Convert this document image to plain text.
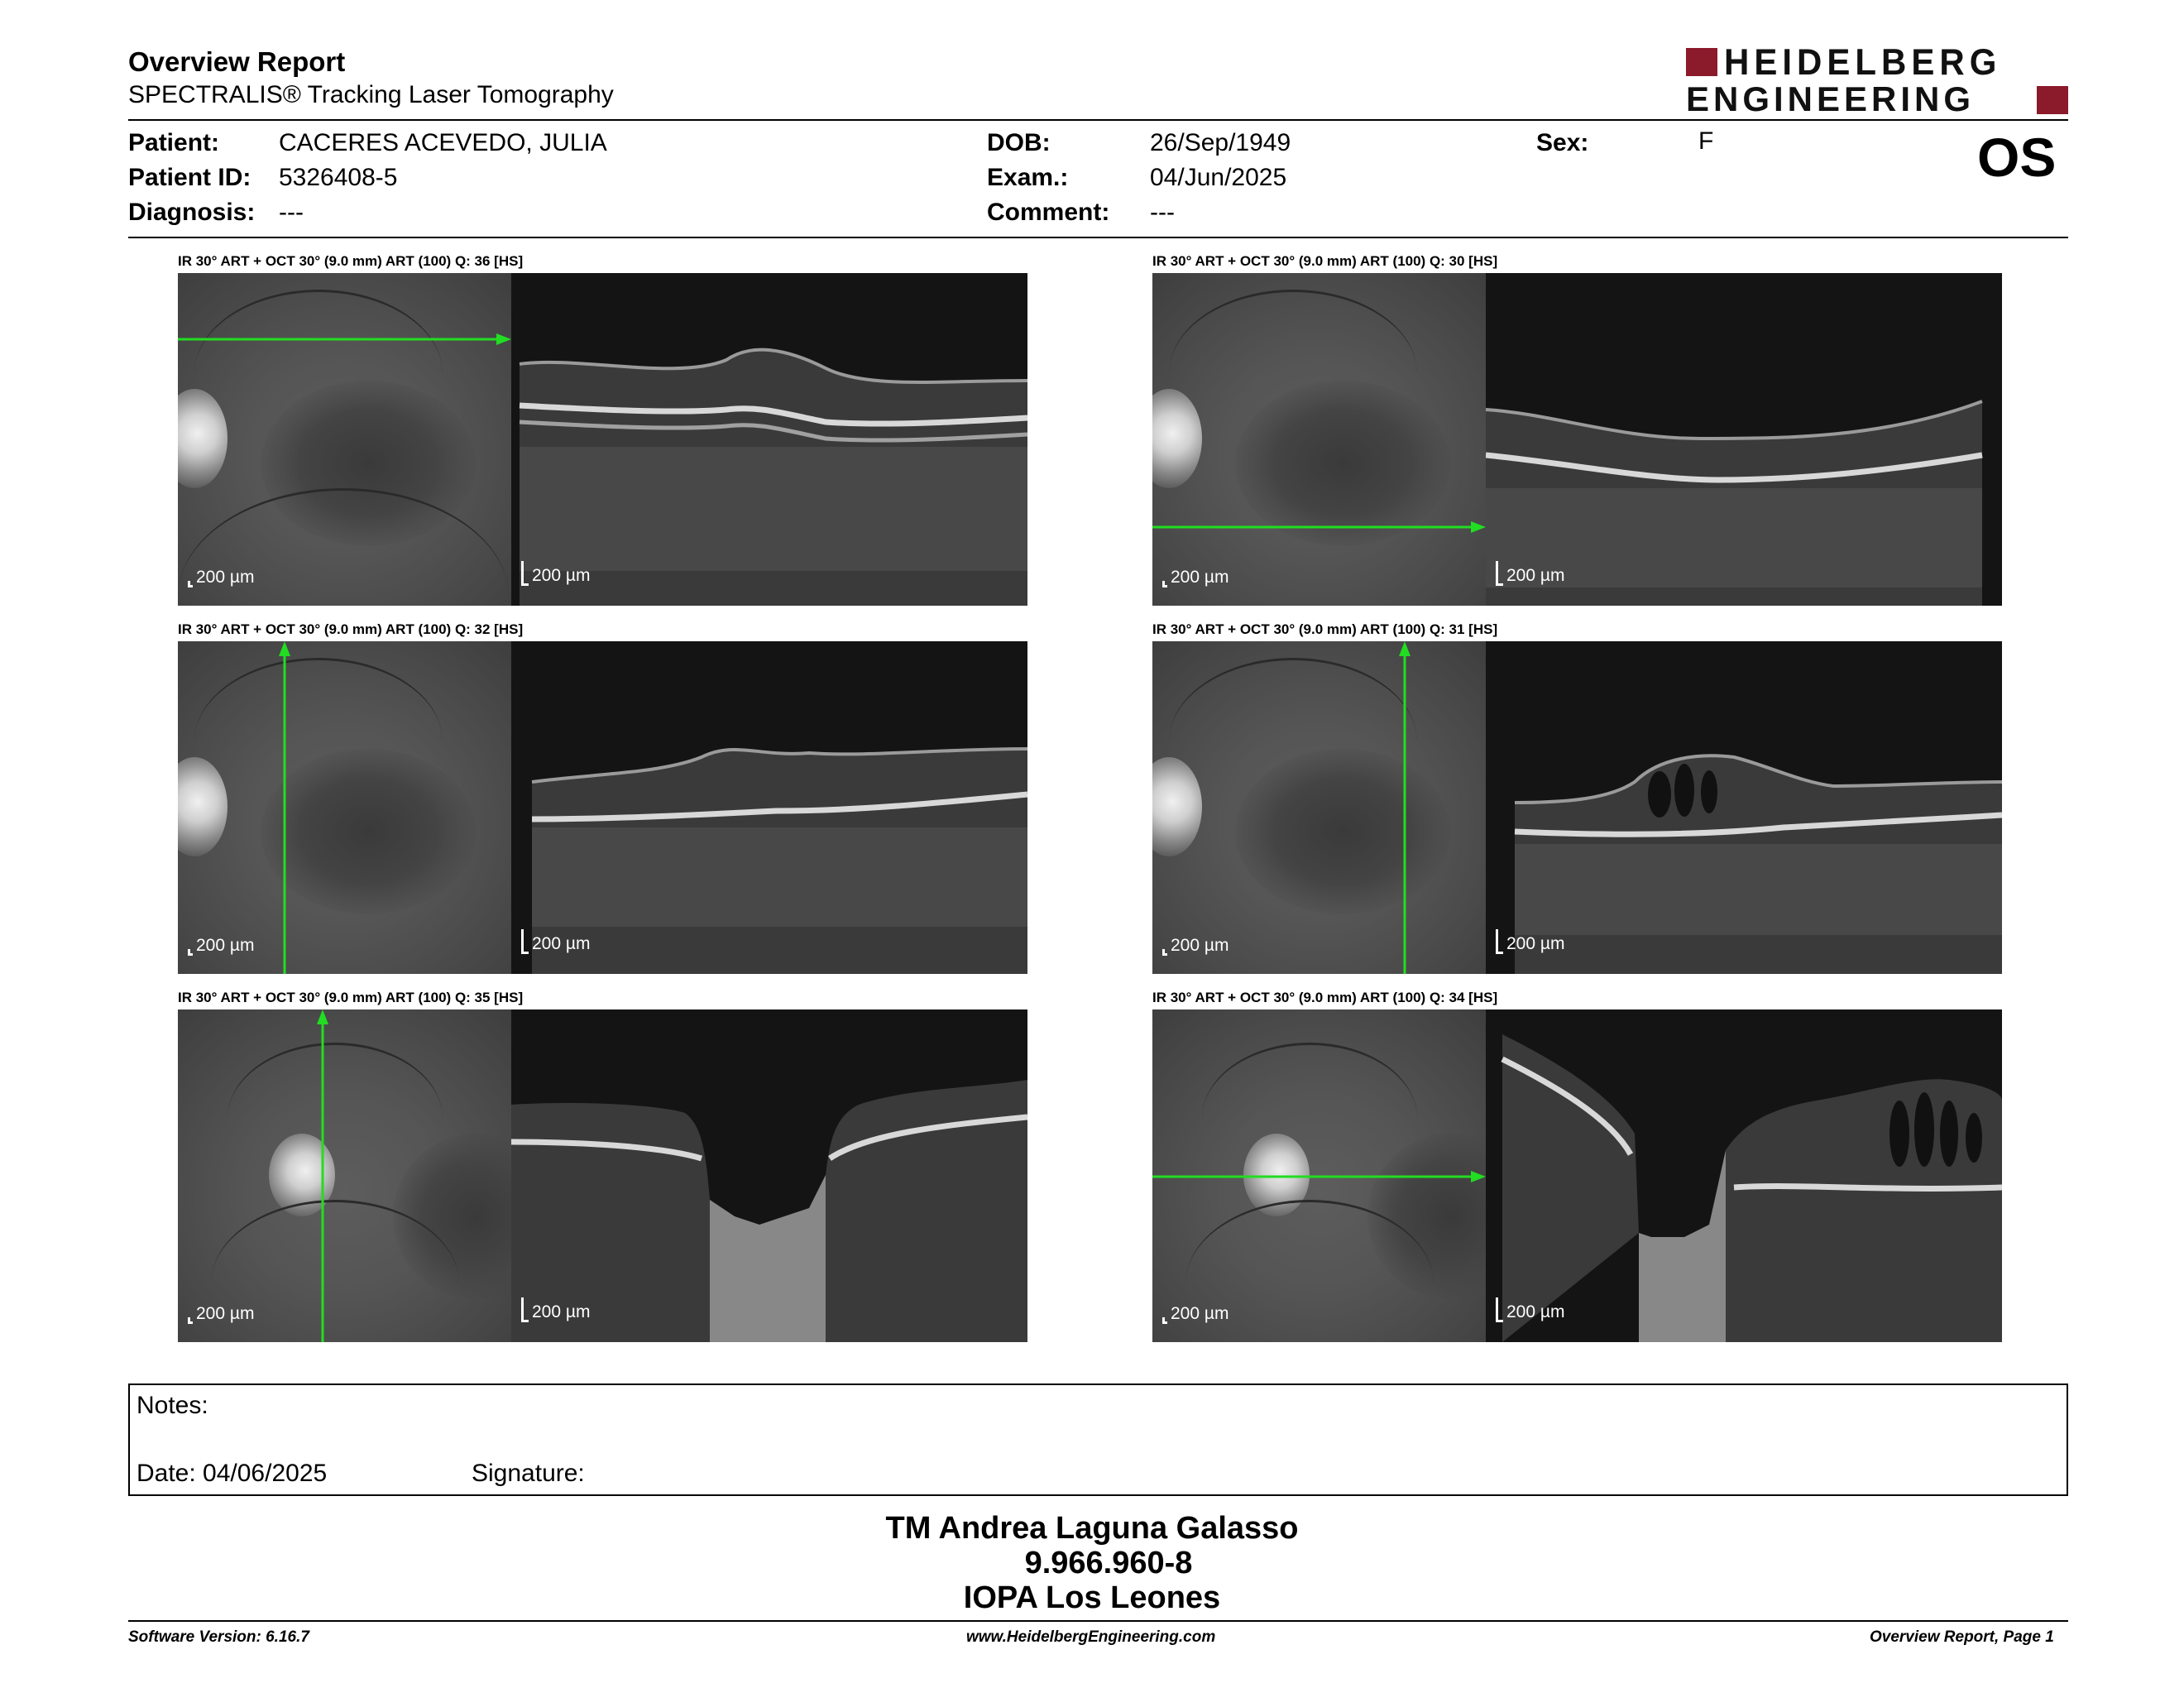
Overview Report
SPECTRALIS® Tracking Laser Tomography
HEIDELBERG
ENGINEERING
Patient: CACERES ACEVEDO, JULIA
Patient ID: 5326408-5
Diagnosis: ---
DOB:	26/Sep/1949
Exam.:	04/Jun/2025
Comment: ---
Sex:	F	OS
IR 30° ART + OCT 30° (9.0 mm) ART (100) Q: 36 [HS]
200 µm	200 µm
IR 30° ART + OCT 30° (9.0 mm) ART (100) Q: 30 [HS]
200 µm	200 µm
IR 30° ART + OCT 30° (9.0 mm) ART (100) Q: 32 [HS]
200 µm	200 µm
IR 30° ART + OCT 30° (9.0 mm) ART (100) Q: 31 [HS]
200 µm	200 µm
IR 30° ART + OCT 30° (9.0 mm) ART (100) Q: 35 [HS]
200 µm	200 µm
IR 30° ART + OCT 30° (9.0 mm) ART (100) Q: 34 [HS]
200 µm	200 µm
Notes:
Date: 04/06/2025	Signature:
TM Andrea Laguna Galasso
9.966.960-8
IOPA Los Leones
Software Version: 6.16.7	www.HeidelbergEngineering.com	Overview Report, Page 1
